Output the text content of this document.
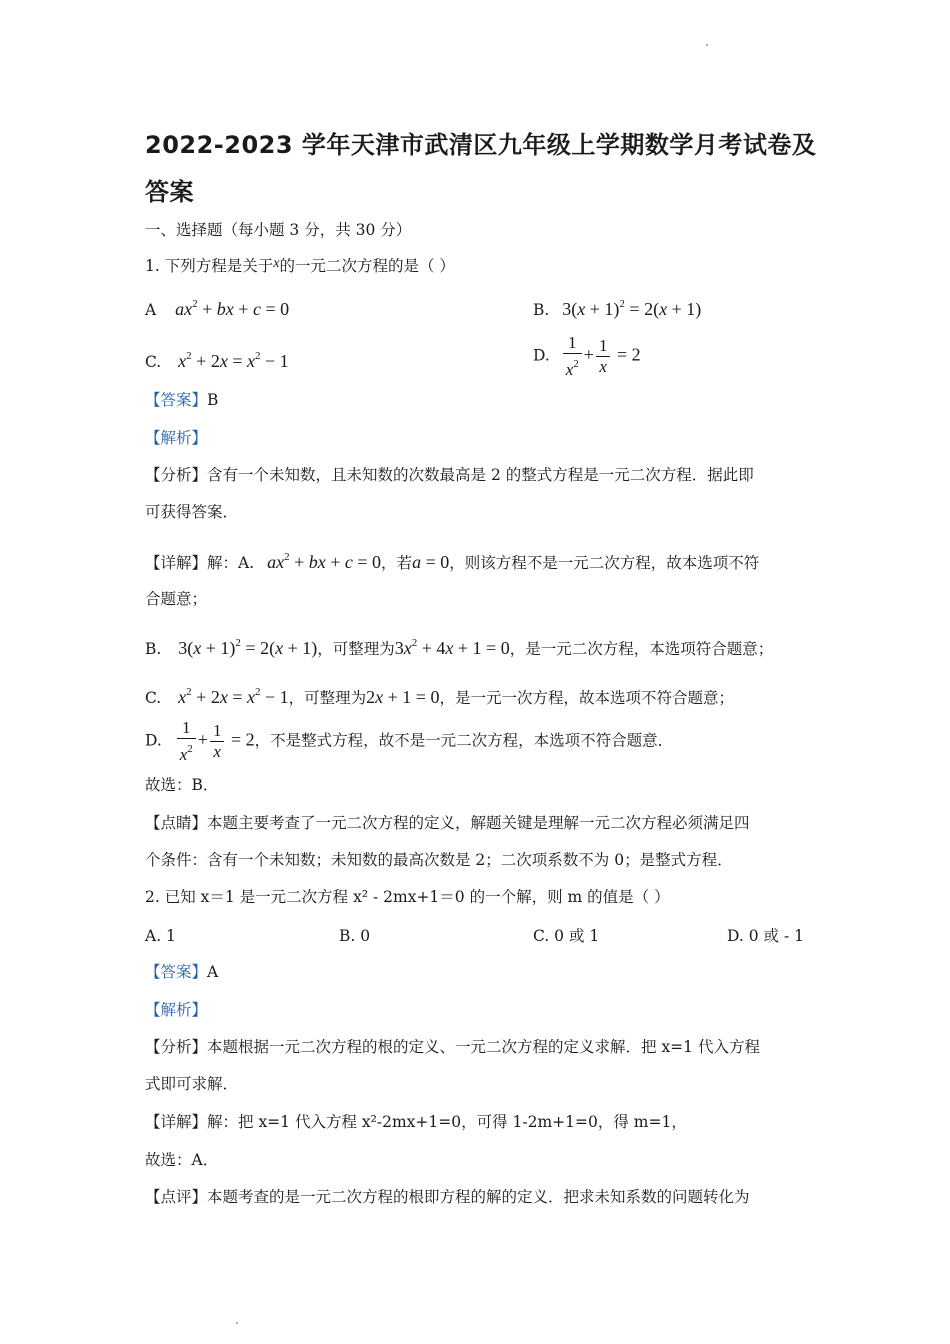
2022-2023 学年天津市武清区九年级上学期数学月考试卷及
答案
一、选择题（每小题 3 分，共 30 分）
1. 下列方程是关于x的一元二次方程的是（ ）
A $ax^2$ + bx + c = 0	B. $3(x + 1)^2 = 2(x + 1)$
C. $x^2 + 2x = x^2 - 1$	D. $\frac{1}{x^2} + \frac{1}{x} = 2$
【答案】B
【解析】
【分析】含有一个未知数，且未知数的次数最高是 2 的整式方程是一元二次方程．据此即
可获得答案．
【详解】解：A. $ax^2$ + bx + c = 0，若a = 0，则该方程不是一元二次方程，故本选项不符
合题意；
B. $3(x + 1)^2 = 2(x + 1)$，可整理为$3x^2 + 4x + 1 = 0$，是一元二次方程，本选项符合题意；
C. $x^2 + 2x = x^2 - 1$，可整理为2x + 1 = 0，是一元一次方程，故本选项不符合题意；
D. $\frac{1}{x^2} + \frac{1}{x} = 2$，不是整式方程，故不是一元二次方程，本选项不符合题意．
故选：B．
【点睛】本题主要考查了一元二次方程的定义，解题关键是理解一元二次方程必须满足四
个条件：含有一个未知数；未知数的最高次数是 2；二次项系数不为 0；是整式方程．
2. 已知 x＝1 是一元二次方程 x² - 2mx+1＝0 的一个解，则 m 的值是（ ）
A. 1	B. 0	C. 0 或 1	D. 0 或 - 1
【答案】A
【解析】
【分析】本题根据一元二次方程的根的定义、一元二次方程的定义求解．把 x=1 代入方程
式即可求解．
【详解】解：把 x=1 代入方程 x²-2mx+1=0，可得 1-2m+1=0，得 m=1，
故选：A．
【点评】本题考查的是一元二次方程的根即方程的解的定义．把求未知系数的问题转化为
